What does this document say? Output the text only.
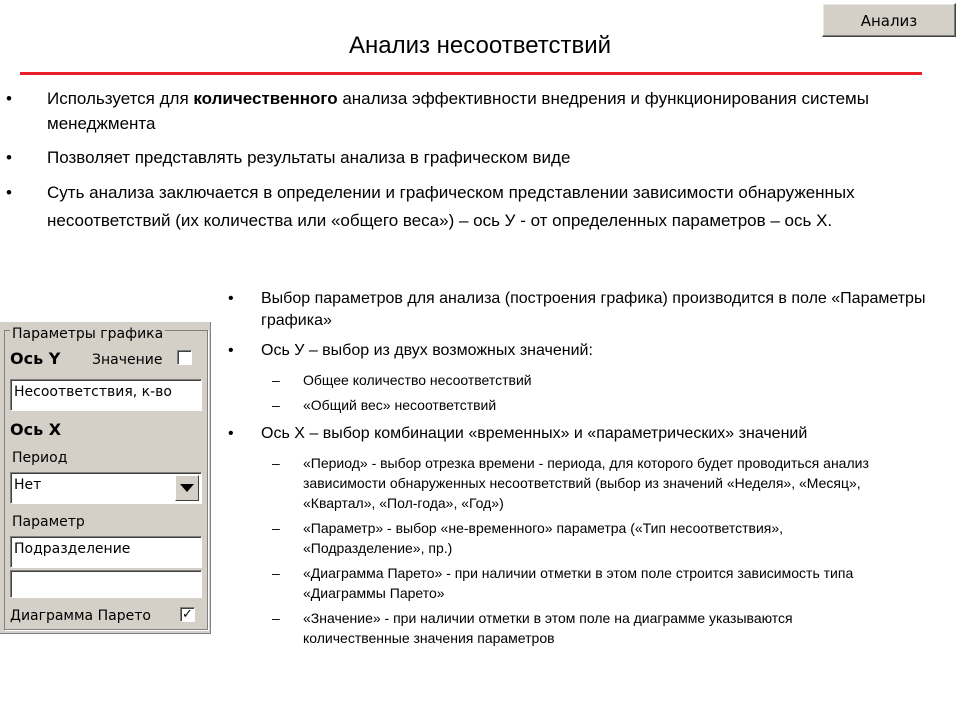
Анализ
Анализ несоответствий
• Используется для количественного анализа эффективности внедрения и функционирования системы менеджмента
• Позволяет представлять результаты анализа в графическом виде
• Суть анализа заключается в определении и графическом представлении зависимости обнаруженных несоответствий (их количества или «общего веса») – ось У - от определенных параметров – ось Х.
Параметры графика
Ось Y Значение
Несоответствия, к-во
Ось X
Период
Нет
Параметр
Подразделение
Диаграмма Парето ✓
• Выбор параметров для анализа (построения графика) производится в поле «Параметры графика»
• Ось У – выбор из двух возможных значений:
– Общее количество несоответствий
– «Общий вес» несоответствий
• Ось Х – выбор комбинации «временных» и «параметрических» значений
– «Период» - выбор отрезка времени - периода, для которого будет проводиться анализ зависимости обнаруженных несоответствий (выбор из значений «Неделя», «Месяц», «Квартал», «Пол-года», «Год»)
– «Параметр» - выбор «не-временного» параметра («Тип несоответствия», «Подразделение», пр.)
– «Диаграмма Парето» - при наличии отметки в этом поле строится зависимость типа «Диаграммы Парето»
– «Значение» - при наличии отметки в этом поле на диаграмме указываются количественные значения параметров
